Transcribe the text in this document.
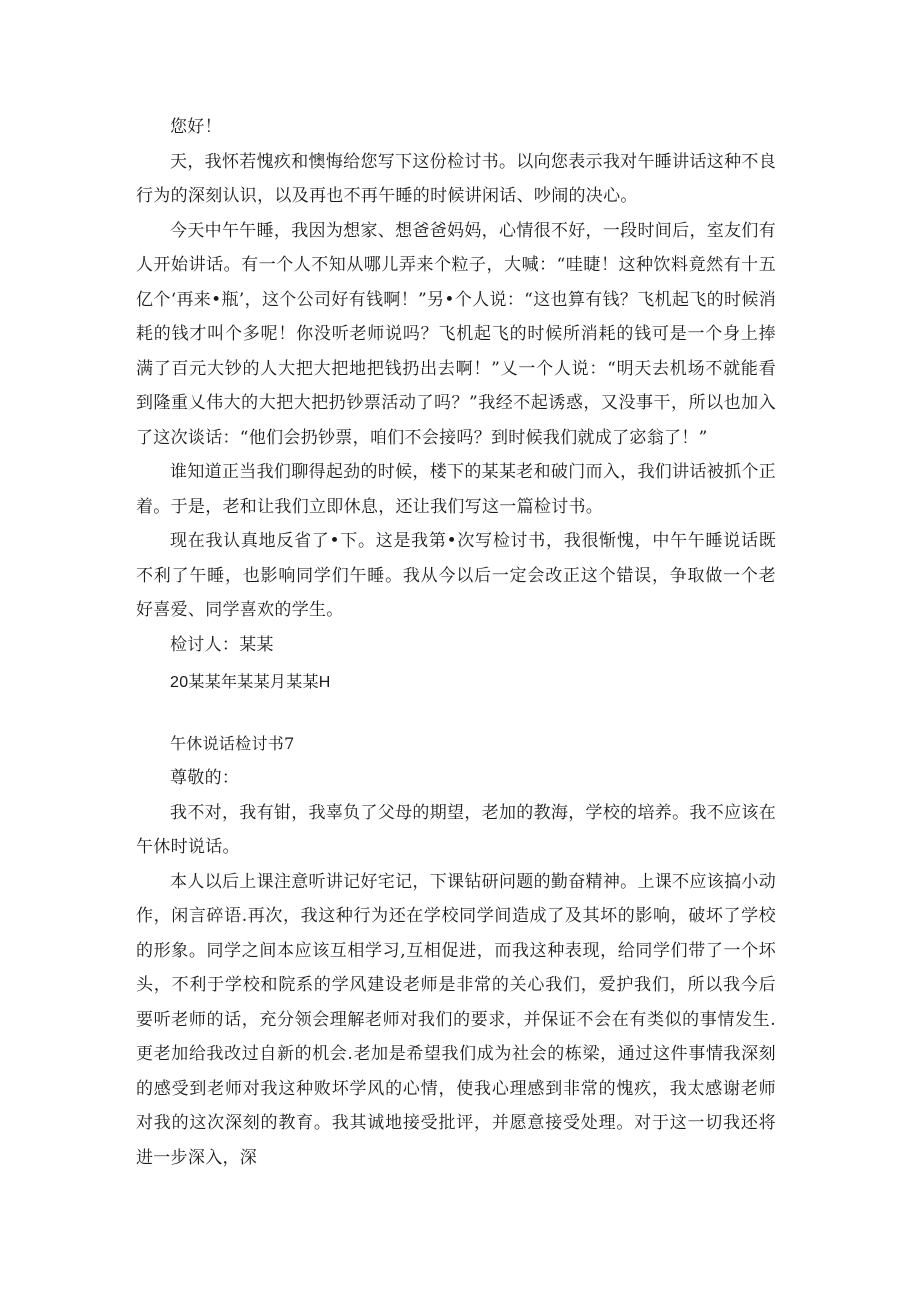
您好！

天，我怀若愧疚和懊悔给您写下这份检讨书。以向您表示我对午睡讲话这种不良行为的深刻认识，以及再也不再午睡的时候讲闲话、吵闹的决心。

今天中午午睡，我因为想家、想爸爸妈妈，心情很不好，一段时间后，室友们有人开始讲话。有一个人不知从哪儿弄来个粒子，大喊：“哇睫！这种饮料竟然有十五亿个‘再来•瓶’，这个公司好有钱啊！”另•个人说：“这也算有钱？飞机起飞的时候消耗的钱才叫个多呢！你没听老师说吗？飞机起飞的时候所消耗的钱可是一个身上捧满了百元大钞的人大把大把地把钱扔出去啊！”乂一个人说：“明天去机场不就能看到隆重乂伟大的大把大把扔钞票活动了吗？”我经不起诱惑，又没事干，所以也加入了这次谈话：“他们会扔钞票，咱们不会接吗？到时候我们就成了宓翁了！”

谁知道正当我们聊得起劲的时候，楼下的某某老和破门而入，我们讲话被抓个正着。于是，老和让我们立即休息，还让我们写这一篇检讨书。

现在我认真地反省了•下。这是我第•次写检讨书，我很惭愧，中午午睡说话既不利了午睡，也影响同学们午睡。我从今以后一定会改正这个错误，争取做一个老好喜爱、同学喜欢的学生。

检讨人：某某

20某某年某某月某某H

午休说话检讨书7

尊敬的：

我不对，我有钳，我辜负了父母的期望，老加的教海，学校的培养。我不应该在午休时说话。

本人以后上课注意听讲记好宅记，下课钻研问题的勤奋精神。上课不应该搞小动作，闲言碎语.再次，我这种行为还在学校同学间造成了及其坏的影响，破坏了学校的形象。同学之间本应该互相学习,互相促进，而我这种表现，给同学们带了一个坏头，不利于学校和院系的学风建设老师是非常的关心我们，爱护我们，所以我今后要听老师的话，充分领会理解老师对我们的要求，并保证不会在有类似的事情发生.更老加给我改过自新的机会.老加是希望我们成为社会的栋梁，通过这件事情我深刻的感受到老师对我这种败坏学风的心情，使我心理感到非常的愧疚，我太感谢老师对我的这次深刻的教育。我其诚地接受批评，并愿意接受处理。对于这一切我还将进一步深入，深
